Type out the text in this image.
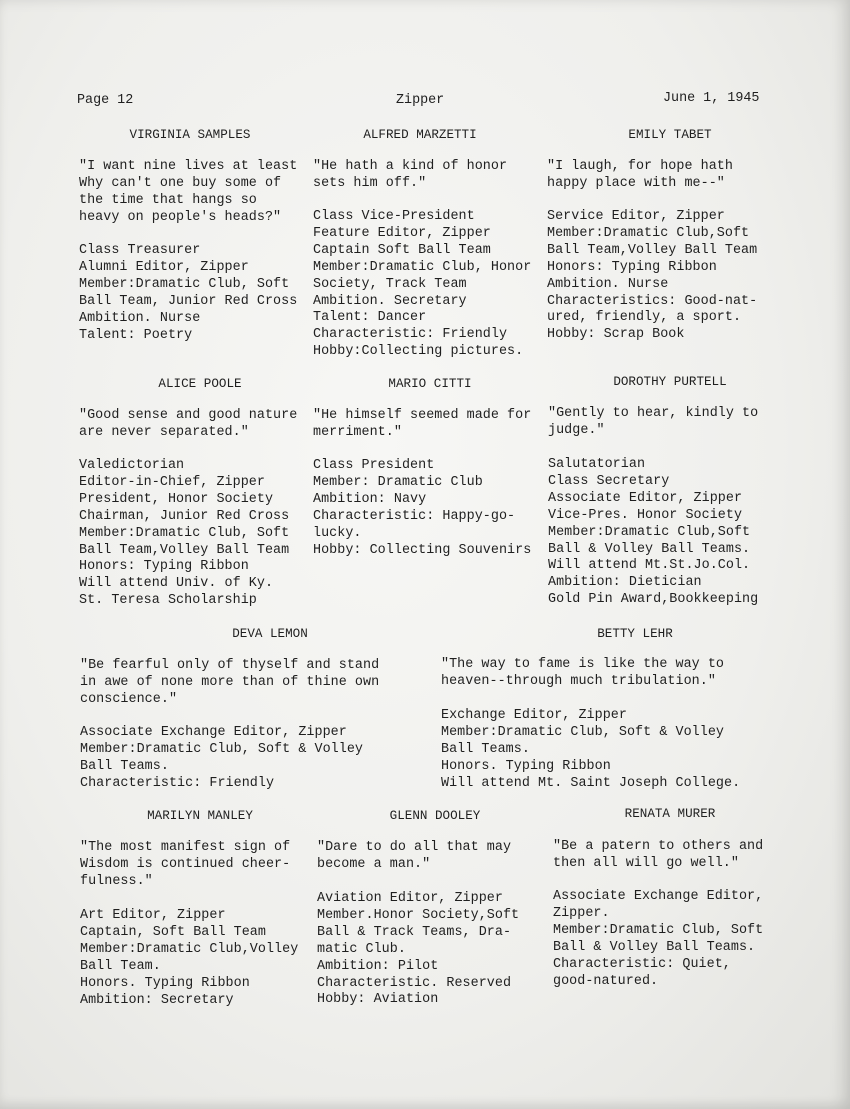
Page 12	Zipper	June 1, 1945
VIRGINIA SAMPLES
"I want nine lives at least
Why can't one buy some of
the time that hangs so
heavy on people's heads?"
Class Treasurer
Alumni Editor, Zipper
Member:Dramatic Club, Soft
Ball Team, Junior Red Cross
Ambition. Nurse
Talent: Poetry
ALFRED MARZETTI
"He hath a kind of honor
sets him off."
Class Vice-President
Feature Editor, Zipper
Captain Soft Ball Team
Member:Dramatic Club, Honor
Society, Track Team
Ambition. Secretary
Talent: Dancer
Characteristic: Friendly
Hobby:Collecting pictures.
EMILY TABET
"I laugh, for hope hath
happy place with me--"
Service Editor, Zipper
Member:Dramatic Club,Soft
Ball Team,Volley Ball Team
Honors: Typing Ribbon
Ambition. Nurse
Characteristics: Good-nat-
ured, friendly, a sport.
Hobby: Scrap Book
ALICE POOLE
"Good sense and good nature
are never separated."
Valedictorian
Editor-in-Chief, Zipper
President, Honor Society
Chairman, Junior Red Cross
Member:Dramatic Club, Soft
Ball Team,Volley Ball Team
Honors: Typing Ribbon
Will attend Univ. of Ky.
St. Teresa Scholarship
MARIO CITTI
"He himself seemed made for
merriment."
Class President
Member: Dramatic Club
Ambition: Navy
Characteristic: Happy-go-
lucky.
Hobby: Collecting Souvenirs
DOROTHY PURTELL
"Gently to hear, kindly to
judge."
Salutatorian
Class Secretary
Associate Editor, Zipper
Vice-Pres. Honor Society
Member:Dramatic Club,Soft
Ball & Volley Ball Teams.
Will attend Mt.St.Jo.Col.
Ambition: Dietician
Gold Pin Award,Bookkeeping
DEVA LEMON
"Be fearful only of thyself and stand
in awe of none more than of thine own
conscience."
Associate Exchange Editor, Zipper
Member:Dramatic Club, Soft & Volley
Ball Teams.
Characteristic: Friendly
BETTY LEHR
"The way to fame is like the way to
heaven--through much tribulation."
Exchange Editor, Zipper
Member:Dramatic Club, Soft & Volley
Ball Teams.
Honors. Typing Ribbon
Will attend Mt. Saint Joseph College.
MARILYN MANLEY
"The most manifest sign of
Wisdom is continued cheer-
fulness."
Art Editor, Zipper
Captain, Soft Ball Team
Member:Dramatic Club,Volley
Ball Team.
Honors. Typing Ribbon
Ambition: Secretary
GLENN DOOLEY
"Dare to do all that may
become a man."
Aviation Editor, Zipper
Member.Honor Society,Soft
Ball & Track Teams, Dra-
matic Club.
Ambition: Pilot
Characteristic. Reserved
Hobby: Aviation
RENATA MURER
"Be a patern to others and
then all will go well."
Associate Exchange Editor,
Zipper.
Member:Dramatic Club, Soft
Ball & Volley Ball Teams.
Characteristic: Quiet,
good-natured.
